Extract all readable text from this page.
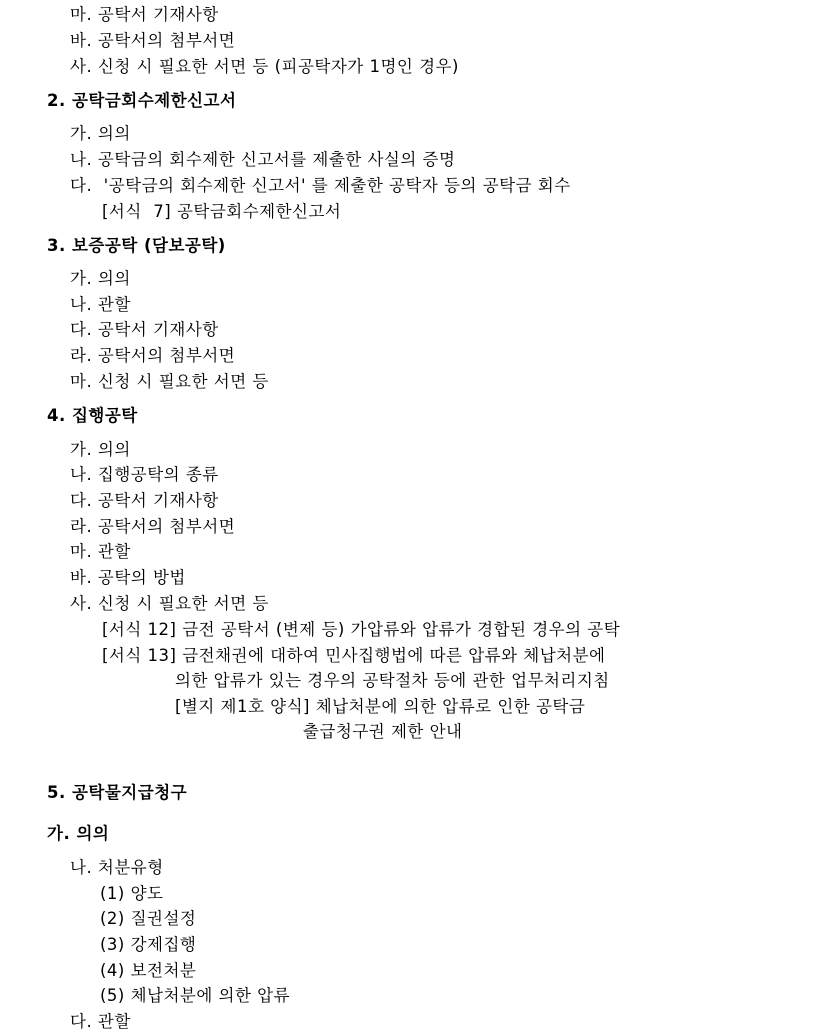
마. 공탁서 기재사항
바. 공탁서의 첨부서면
사. 신청 시 필요한 서면 등 (피공탁자가 1명인 경우)
2. 공탁금회수제한신고서
가. 의의
나. 공탁금의 회수제한 신고서를 제출한 사실의 증명
다.  '공탁금의 회수제한 신고서' 를 제출한 공탁자 등의 공탁금 회수
[서식  7] 공탁금회수제한신고서
3. 보증공탁 (담보공탁)
가. 의의
나. 관할
다. 공탁서 기재사항
라. 공탁서의 첨부서면
마. 신청 시 필요한 서면 등
4. 집행공탁
가. 의의
나. 집행공탁의 종류
다. 공탁서 기재사항
라. 공탁서의 첨부서면
마. 관할
바. 공탁의 방법
사. 신청 시 필요한 서면 등
[서식 12] 금전 공탁서 (변제 등) 가압류와 압류가 경합된 경우의 공탁
[서식 13] 금전채권에 대하여 민사집행법에 따른 압류와 체납처분에
의한 압류가 있는 경우의 공탁절차 등에 관한 업무처리지침
[별지 제1호 양식] 체납처분에 의한 압류로 인한 공탁금
출급청구권 제한 안내
5. 공탁물지급청구
가. 의의
나. 처분유형
(1) 양도
(2) 질권설정
(3) 강제집행
(4) 보전처분
(5) 체납처분에 의한 압류
다. 관할
